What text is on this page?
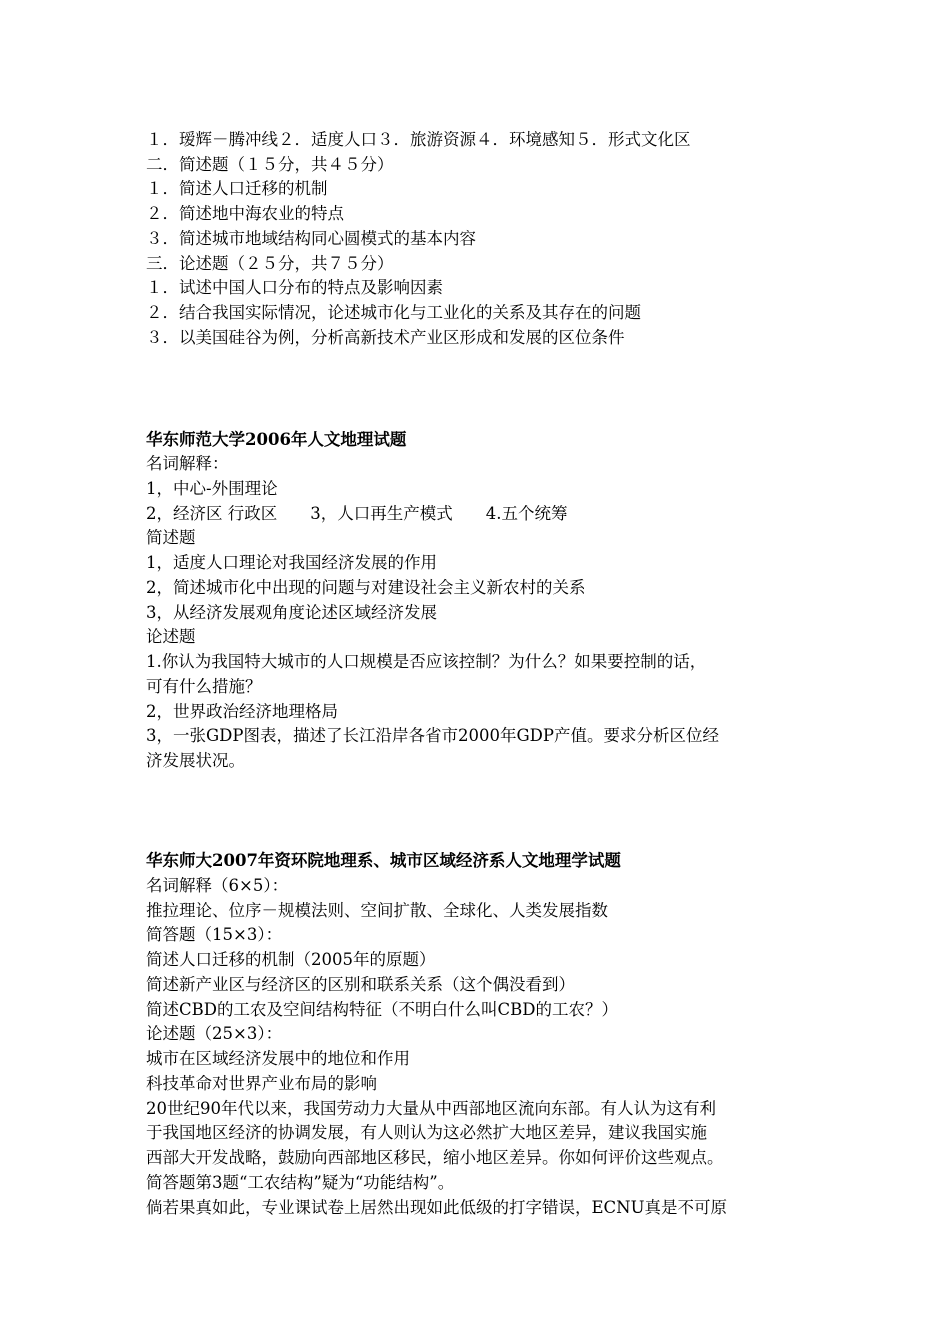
１．瑷辉－腾冲线２．适度人口３．旅游资源４．环境感知５．形式文化区
二．简述题（１５分，共４５分）
１．简述人口迁移的机制
２．简述地中海农业的特点
３．简述城市地域结构同心圆模式的基本内容
三．论述题（２５分，共７５分）
１．试述中国人口分布的特点及影响因素
２．结合我国实际情况，论述城市化与工业化的关系及其存在的问题
３．以美国硅谷为例，分析高新技术产业区形成和发展的区位条件
华东师范大学2006年人文地理试题
名词解释：
1，中心-外围理论
2，经济区 行政区　　3，人口再生产模式　　4.五个统筹
简述题
1，适度人口理论对我国经济发展的作用
2，简述城市化中出现的问题与对建设社会主义新农村的关系
3，从经济发展观角度论述区域经济发展
论述题
1.你认为我国特大城市的人口规模是否应该控制？为什么？如果要控制的话，
可有什么措施？
2，世界政治经济地理格局
3，一张GDP图表，描述了长江沿岸各省市2000年GDP产值。要求分析区位经
济发展状况。
华东师大2007年资环院地理系、城市区域经济系人文地理学试题
名词解释（6×5）：
推拉理论、位序－规模法则、空间扩散、全球化、人类发展指数
简答题（15×3）：
简述人口迁移的机制（2005年的原题）
简述新产业区与经济区的区别和联系关系（这个偶没看到）
简述CBD的工农及空间结构特征（不明白什么叫CBD的工农？）
论述题（25×3）：
城市在区域经济发展中的地位和作用
科技革命对世界产业布局的影响
20世纪90年代以来，我国劳动力大量从中西部地区流向东部。有人认为这有利
于我国地区经济的协调发展，有人则认为这必然扩大地区差异，建议我国实施
西部大开发战略，鼓励向西部地区移民，缩小地区差异。你如何评价这些观点。
简答题第3题“工农结构”疑为“功能结构”。
倘若果真如此，专业课试卷上居然出现如此低级的打字错误，ECNU真是不可原
